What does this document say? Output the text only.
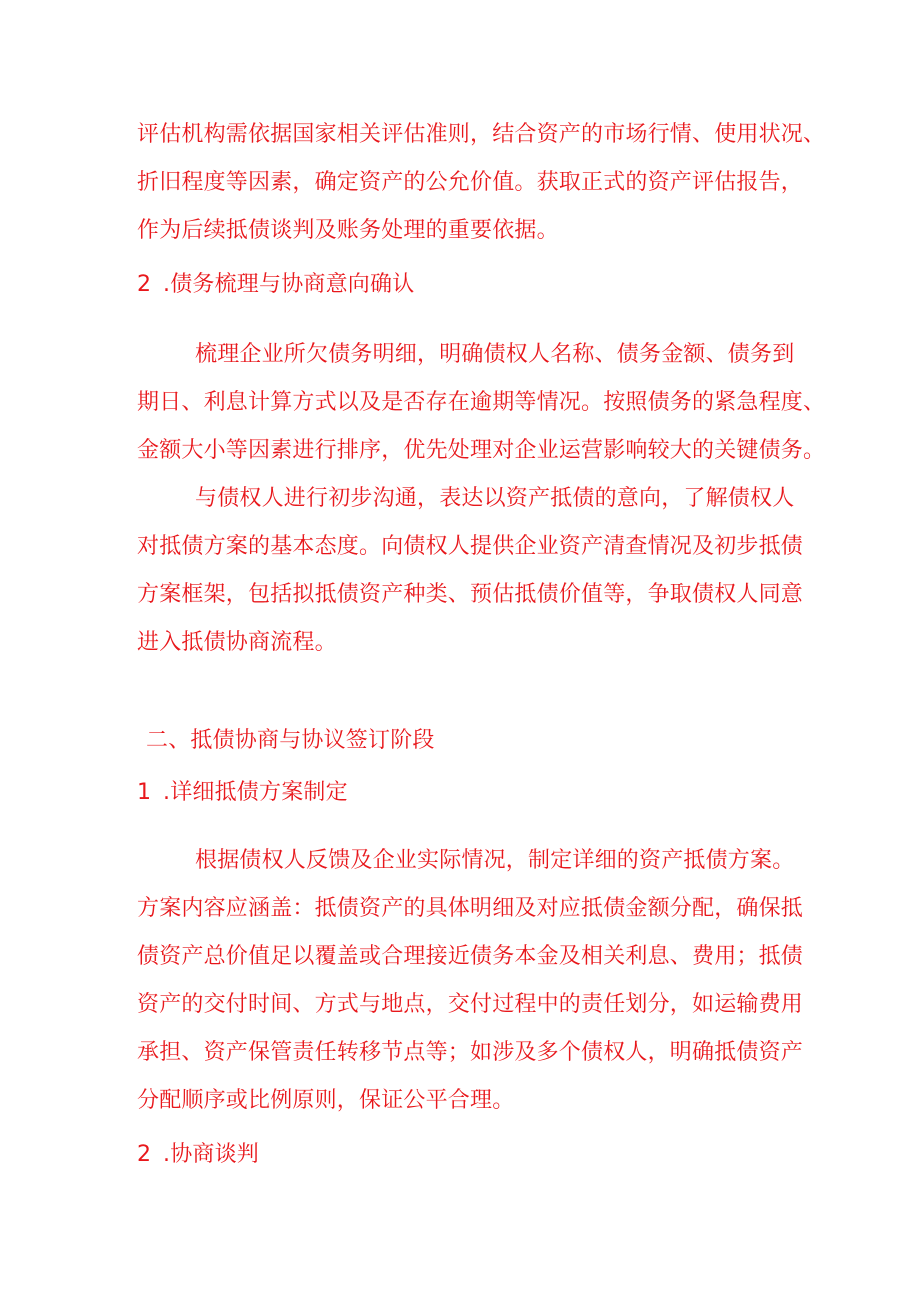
评估机构需依据国家相关评估准则，结合资产的市场行情、使用状况、

折旧程度等因素，确定资产的公允价值。获取正式的资产评估报告，

作为后续抵债谈判及账务处理的重要依据。

2 .债务梳理与协商意向确认

梳理企业所欠债务明细，明确债权人名称、债务金额、债务到

期日、利息计算方式以及是否存在逾期等情况。按照债务的紧急程度、

金额大小等因素进行排序，优先处理对企业运营影响较大的关键债务。

与债权人进行初步沟通，表达以资产抵债的意向，了解债权人

对抵债方案的基本态度。向债权人提供企业资产清查情况及初步抵债

方案框架，包括拟抵债资产种类、预估抵债价值等，争取债权人同意

进入抵债协商流程。

二、抵债协商与协议签订阶段

1 .详细抵债方案制定

根据债权人反馈及企业实际情况，制定详细的资产抵债方案。

方案内容应涵盖：抵债资产的具体明细及对应抵债金额分配，确保抵

债资产总价值足以覆盖或合理接近债务本金及相关利息、费用；抵债

资产的交付时间、方式与地点，交付过程中的责任划分，如运输费用

承担、资产保管责任转移节点等；如涉及多个债权人，明确抵债资产

分配顺序或比例原则，保证公平合理。

2 .协商谈判
